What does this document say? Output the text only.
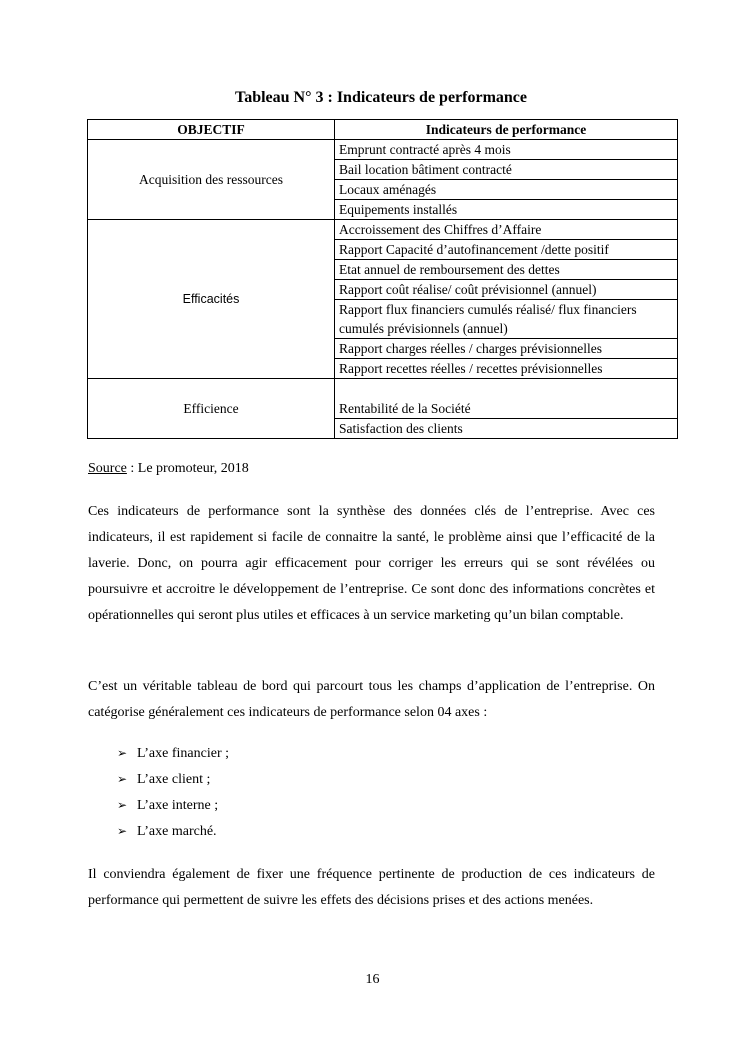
Tableau N° 3 : Indicateurs de performance
OBJECTIF	Indicateurs de performance
Acquisition des ressources	Emprunt contracté après 4 mois
	Bail location bâtiment contracté
	Locaux aménagés
	Equipements installés
Efficacités	Accroissement des Chiffres d’Affaire
	Rapport Capacité d’autofinancement /dette positif
	Etat annuel de remboursement des dettes
	Rapport coût réalise/ coût prévisionnel (annuel)
	Rapport flux financiers cumulés réalisé/ flux financiers cumulés prévisionnels (annuel)
	Rapport charges réelles / charges prévisionnelles
	Rapport recettes réelles / recettes prévisionnelles
Efficience	Rentabilité de la Société
	Satisfaction des clients
Source : Le promoteur, 2018

Ces indicateurs de performance sont la synthèse des données clés de l’entreprise. Avec ces indicateurs, il est rapidement si facile de connaitre la santé, le problème ainsi que l’efficacité de la laverie. Donc, on pourra agir efficacement pour corriger les erreurs qui se sont révélées ou poursuivre et accroitre le développement de l’entreprise. Ce sont donc des informations concrètes et opérationnelles qui seront plus utiles et efficaces à un service marketing qu’un bilan comptable.

C’est un véritable tableau de bord qui parcourt tous les champs d’application de l’entreprise. On catégorise généralement ces indicateurs de performance selon 04 axes :

➢ L’axe financier ;
➢ L’axe client ;
➢ L’axe interne ;
➢ L’axe marché.

Il conviendra également de fixer une fréquence pertinente de production de ces indicateurs de performance qui permettent de suivre les effets des décisions prises et des actions menées.

16
